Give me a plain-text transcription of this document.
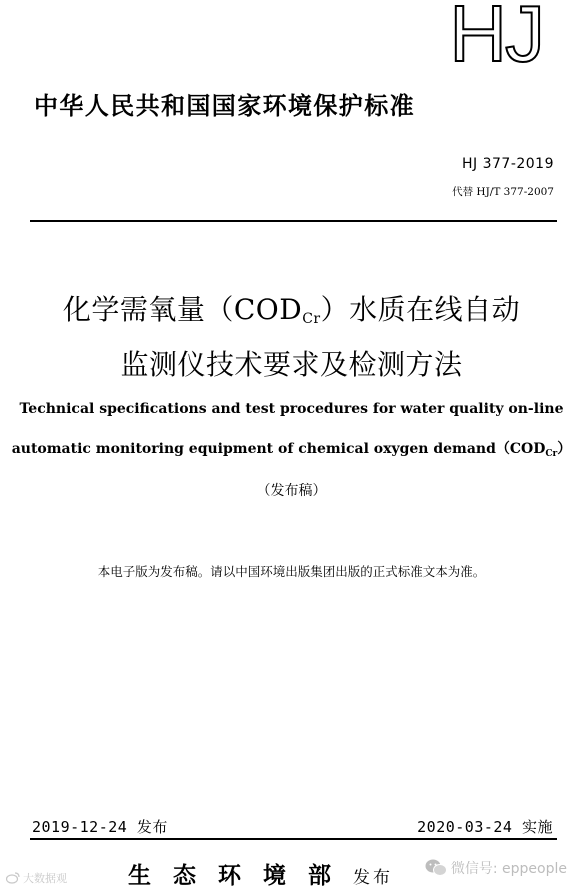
HJ
中华人民共和国国家环境保护标准
HJ 377-2019
代替 HJ/T 377-2007
化学需氧量$(COD_{Cr})$水质在线自动
监测仪技术要求及检测方法
Technical specifications and test procedures for water quality on-line
automatic monitoring equipment of chemical oxygen $demand(COD_{Cr})$
（发布稿）
本电子版为发布稿。请以中国环境出版集团出版的正式标准文本为准。
2019-12-24 发布	2020-03-24 实施
生态环境部发布
大数据观
微信号: eppeople
